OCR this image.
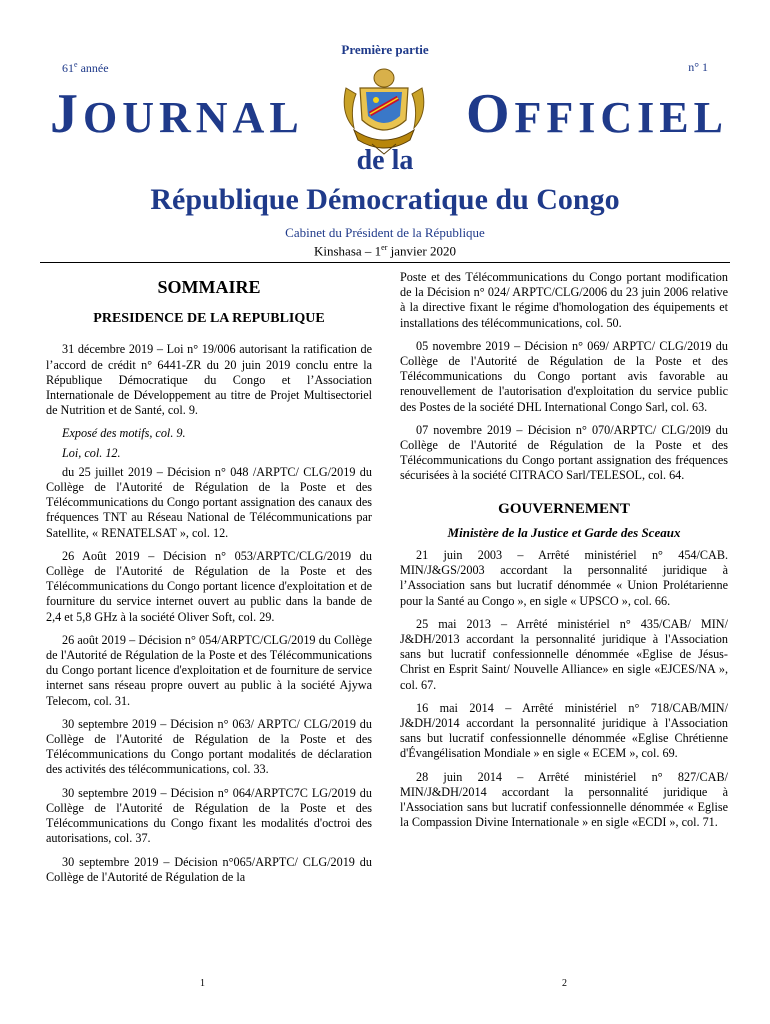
Première partie
61e année	n° 1
JOURNAL	OFFICIEL
de la
République Démocratique du Congo
Cabinet du Président de la République
Kinshasa – 1er janvier 2020
SOMMAIRE
PRESIDENCE DE LA REPUBLIQUE

31 décembre 2019 – Loi n° 19/006 autorisant la ratification de l’accord de crédit n° 6441-ZR du 20 juin 2019 conclu entre la République Démocratique du Congo et l’Association Internationale de Développement au titre de Projet Multisectoriel de Nutrition et de Santé, col. 9.

Exposé des motifs, col. 9.

Loi, col. 12.

du 25 juillet 2019 – Décision n° 048 /ARPTC/ CLG/2019 du Collège de l'Autorité de Régulation de la Poste et des Télécommunications du Congo portant assignation des canaux des fréquences TNT au Réseau National de Télécommunications par Satellite, « RENATELSAT », col. 12.

26 Août 2019 – Décision n° 053/ARPTC/CLG/2019 du Collège de l'Autorité de Régulation de la Poste et des Télécommunications du Congo portant licence d'exploitation et de fourniture du service internet ouvert au public dans la bande de 2,4 et 5,8 GHz à la société Oliver Soft, col. 29.

26 août 2019 – Décision n° 054/ARPTC/CLG/2019 du Collège de l'Autorité de Régulation de la Poste et des Télécommunications du Congo portant licence d'exploitation et de fourniture de service internet sans réseau propre ouvert au public à la société Ajywa Telecom, col. 31.

30 septembre 2019 – Décision n° 063/ ARPTC/ CLG/2019 du Collège de l'Autorité de Régulation de la Poste et des Télécommunications du Congo portant modalités de déclaration des activités des télécommunications, col. 33.

30 septembre 2019 – Décision n° 064/ARPTC7C LG/2019 du Collège de l'Autorité de Régulation de la Poste et des Télécommunications du Congo fixant les modalités d'octroi des autorisations, col. 37.

30 septembre 2019 – Décision n°065/ARPTC/ CLG/2019 du Collège de l'Autorité de Régulation de la

Poste et des Télécommunications du Congo portant modification de la Décision n° 024/ ARPTC/CLG/2006 du 23 juin 2006 relative à la directive fixant le régime d'homologation des équipements et installations des télécommunications, col. 50.

05 novembre 2019 – Décision n° 069/ ARPTC/ CLG/2019 du Collège de l'Autorité de Régulation de la Poste et des Télécommunications du Congo portant avis favorable au renouvellement de l'autorisation d'exploitation du service public des Postes de la société DHL International Congo Sarl, col. 63.

07 novembre 2019 – Décision n° 070/ARPTC/ CLG/20l9 du Collège de l'Autorité de Régulation de la Poste et des Télécommunications du Congo portant assignation des fréquences sécurisées à la société CITRACO Sarl/TELESOL, col. 64.

GOUVERNEMENT
Ministère de la Justice et Garde des Sceaux

21 juin 2003 – Arrêté ministériel n° 454/CAB. MIN/J&GS/2003 accordant la personnalité juridique à l’Association sans but lucratif dénommée « Union Prolétarienne pour la Santé au Congo », en sigle « UPSCO », col. 66.

25 mai 2013 – Arrêté ministériel n° 435/CAB/ MIN/ J&DH/2013 accordant la personnalité juridique à l'Association sans but lucratif confessionnelle dénommée «Eglise de Jésus-Christ en Esprit Saint/ Nouvelle Alliance» en sigle «EJCES/NA », col. 67.

16 mai 2014 – Arrêté ministériel n° 718/CAB/MIN/ J&DH/2014 accordant la personnalité juridique à l'Association sans but lucratif confessionnelle dénommée «Eglise Chrétienne d'Évangélisation Mondiale » en sigle « ECEM », col. 69.

28 juin 2014 – Arrêté ministériel n° 827/CAB/ MIN/J&DH/2014 accordant la personnalité juridique à l'Association sans but lucratif confessionnelle dénommée « Eglise la Compassion Divine Internationale » en sigle «ECDI », col. 71.

1	2
